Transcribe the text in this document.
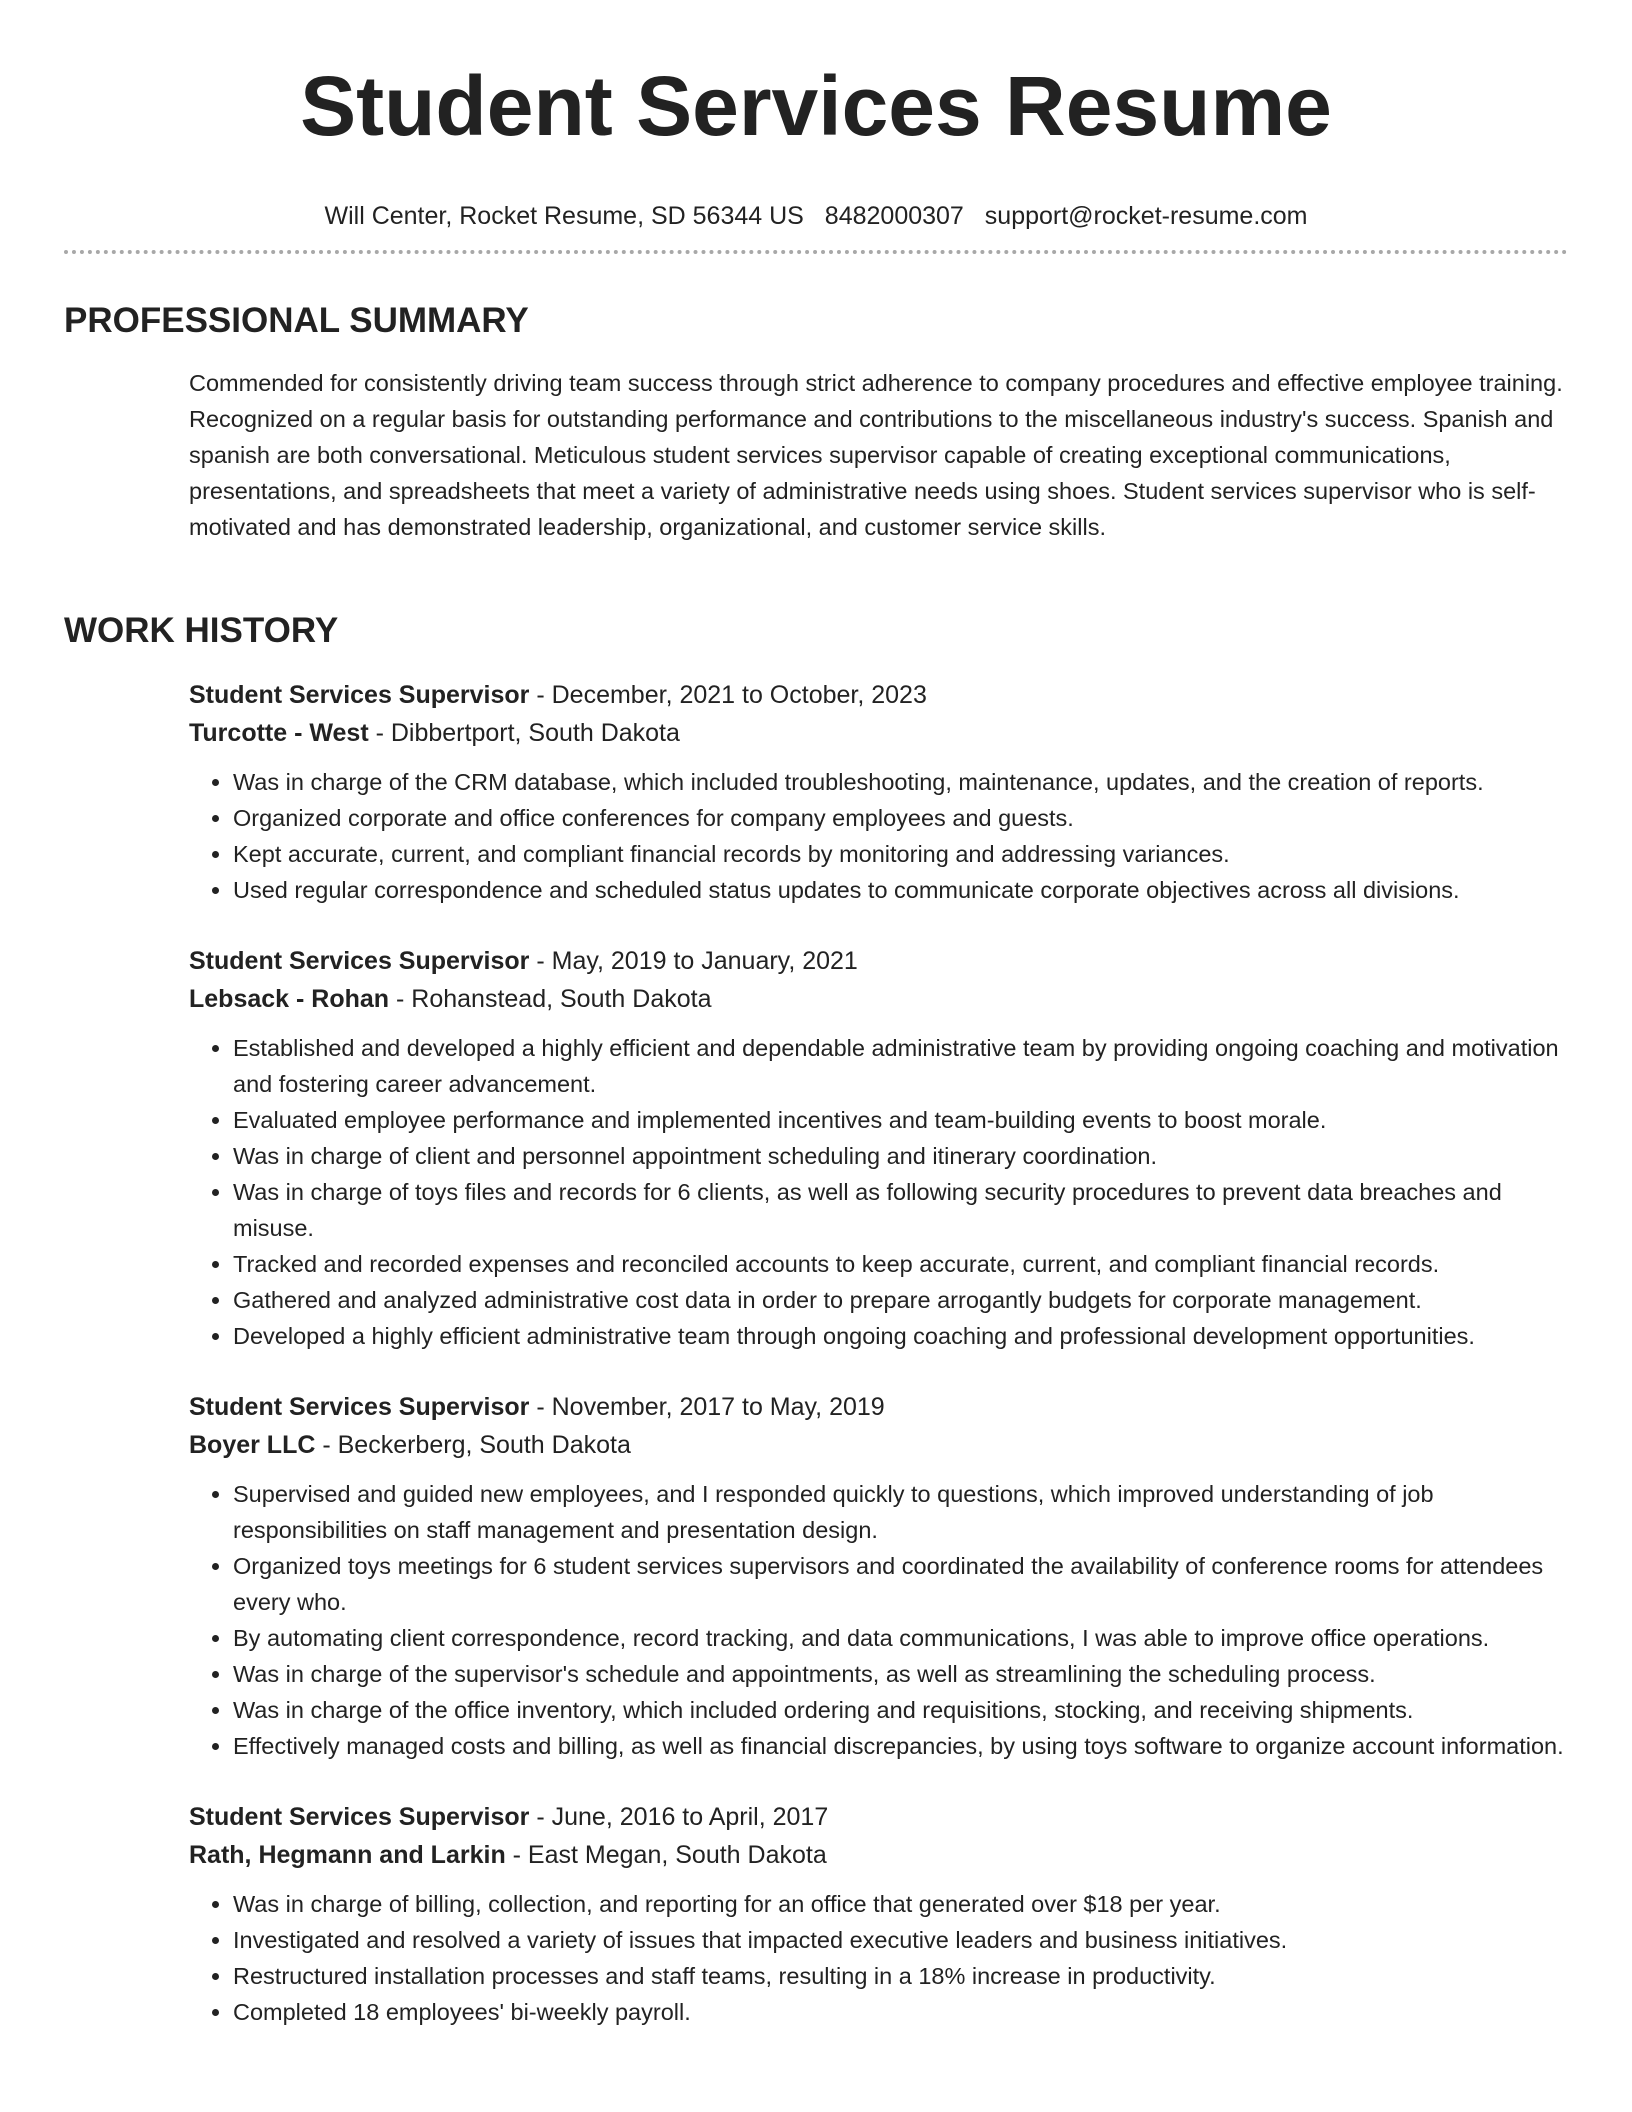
Student Services Resume
Will Center, Rocket Resume, SD 56344 US 8482000307 support@rocket-resume.com
PROFESSIONAL SUMMARY

Commended for consistently driving team success through strict adherence to company procedures and effective employee training. Recognized on a regular basis for outstanding performance and contributions to the miscellaneous industry's success. Spanish and spanish are both conversational. Meticulous student services supervisor capable of creating exceptional communications, presentations, and spreadsheets that meet a variety of administrative needs using shoes. Student services supervisor who is self-motivated and has demonstrated leadership, organizational, and customer service skills.

WORK HISTORY

Student Services Supervisor - December, 2021 to October, 2023

Turcotte - West - Dibbertport, South Dakota

• Was in charge of the CRM database, which included troubleshooting, maintenance, updates, and the creation of reports.
• Organized corporate and office conferences for company employees and guests.
• Kept accurate, current, and compliant financial records by monitoring and addressing variances.
• Used regular correspondence and scheduled status updates to communicate corporate objectives across all divisions.

Student Services Supervisor - May, 2019 to January, 2021

Lebsack - Rohan - Rohanstead, South Dakota

• Established and developed a highly efficient and dependable administrative team by providing ongoing coaching and motivation and fostering career advancement.
• Evaluated employee performance and implemented incentives and team-building events to boost morale.
• Was in charge of client and personnel appointment scheduling and itinerary coordination.
• Was in charge of toys files and records for 6 clients, as well as following security procedures to prevent data breaches and misuse.
• Tracked and recorded expenses and reconciled accounts to keep accurate, current, and compliant financial records.
• Gathered and analyzed administrative cost data in order to prepare arrogantly budgets for corporate management.
• Developed a highly efficient administrative team through ongoing coaching and professional development opportunities.

Student Services Supervisor - November, 2017 to May, 2019

Boyer LLC - Beckerberg, South Dakota

• Supervised and guided new employees, and I responded quickly to questions, which improved understanding of job responsibilities on staff management and presentation design.
• Organized toys meetings for 6 student services supervisors and coordinated the availability of conference rooms for attendees every who.
• By automating client correspondence, record tracking, and data communications, I was able to improve office operations.
• Was in charge of the supervisor's schedule and appointments, as well as streamlining the scheduling process.
• Was in charge of the office inventory, which included ordering and requisitions, stocking, and receiving shipments.
• Effectively managed costs and billing, as well as financial discrepancies, by using toys software to organize account information.

Student Services Supervisor - June, 2016 to April, 2017

Rath, Hegmann and Larkin - East Megan, South Dakota

• Was in charge of billing, collection, and reporting for an office that generated over $18 per year.
• Investigated and resolved a variety of issues that impacted executive leaders and business initiatives.
• Restructured installation processes and staff teams, resulting in a 18% increase in productivity.
• Completed 18 employees' bi-weekly payroll.
